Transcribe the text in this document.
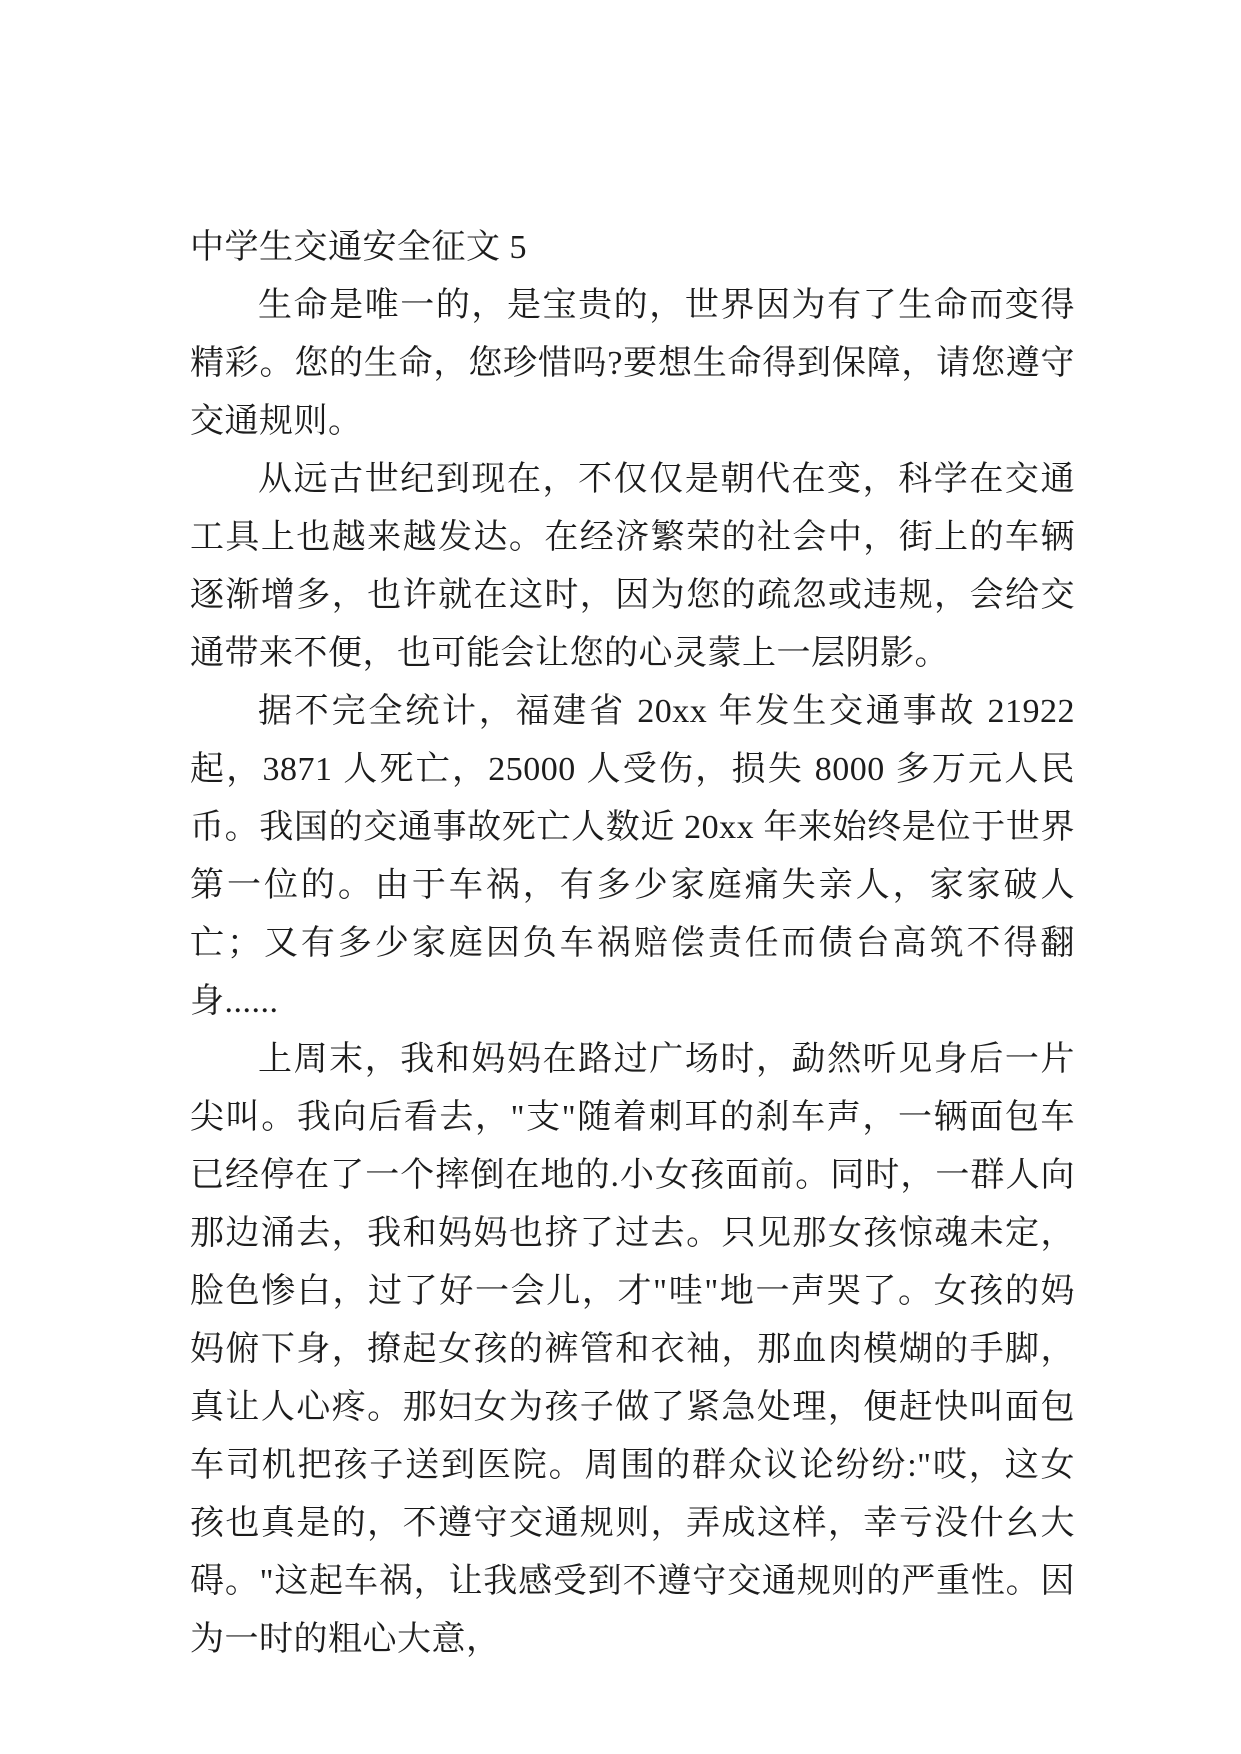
中学生交通安全征文 5

生命是唯一的，是宝贵的，世界因为有了生命而变得精彩。您的生命，您珍惜吗?要想生命得到保障，请您遵守交通规则。

从远古世纪到现在，不仅仅是朝代在变，科学在交通工具上也越来越发达。在经济繁荣的社会中，街上的车辆逐渐增多，也许就在这时，因为您的疏忽或违规，会给交通带来不便，也可能会让您的心灵蒙上一层阴影。

据不完全统计，福建省 20xx 年发生交通事故 21922 起，3871 人死亡，25000 人受伤，损失 8000 多万元人民币。我国的交通事故死亡人数近 20xx 年来始终是位于世界第一位的。由于车祸，有多少家庭痛失亲人，家家破人亡；又有多少家庭因负车祸赔偿责任而债台高筑不得翻身......

上周末，我和妈妈在路过广场时，勐然听见身后一片尖叫。我向后看去，"支"随着刺耳的刹车声，一辆面包车已经停在了一个摔倒在地的.小女孩面前。同时，一群人向那边涌去，我和妈妈也挤了过去。只见那女孩惊魂未定，脸色惨白，过了好一会儿，才"哇"地一声哭了。女孩的妈妈俯下身，撩起女孩的裤管和衣袖，那血肉模煳的手脚，真让人心疼。那妇女为孩子做了紧急处理，便赶快叫面包车司机把孩子送到医院。周围的群众议论纷纷:"哎，这女孩也真是的，不遵守交通规则，弄成这样，幸亏没什幺大碍。"这起车祸，让我感受到不遵守交通规则的严重性。因为一时的粗心大意，
